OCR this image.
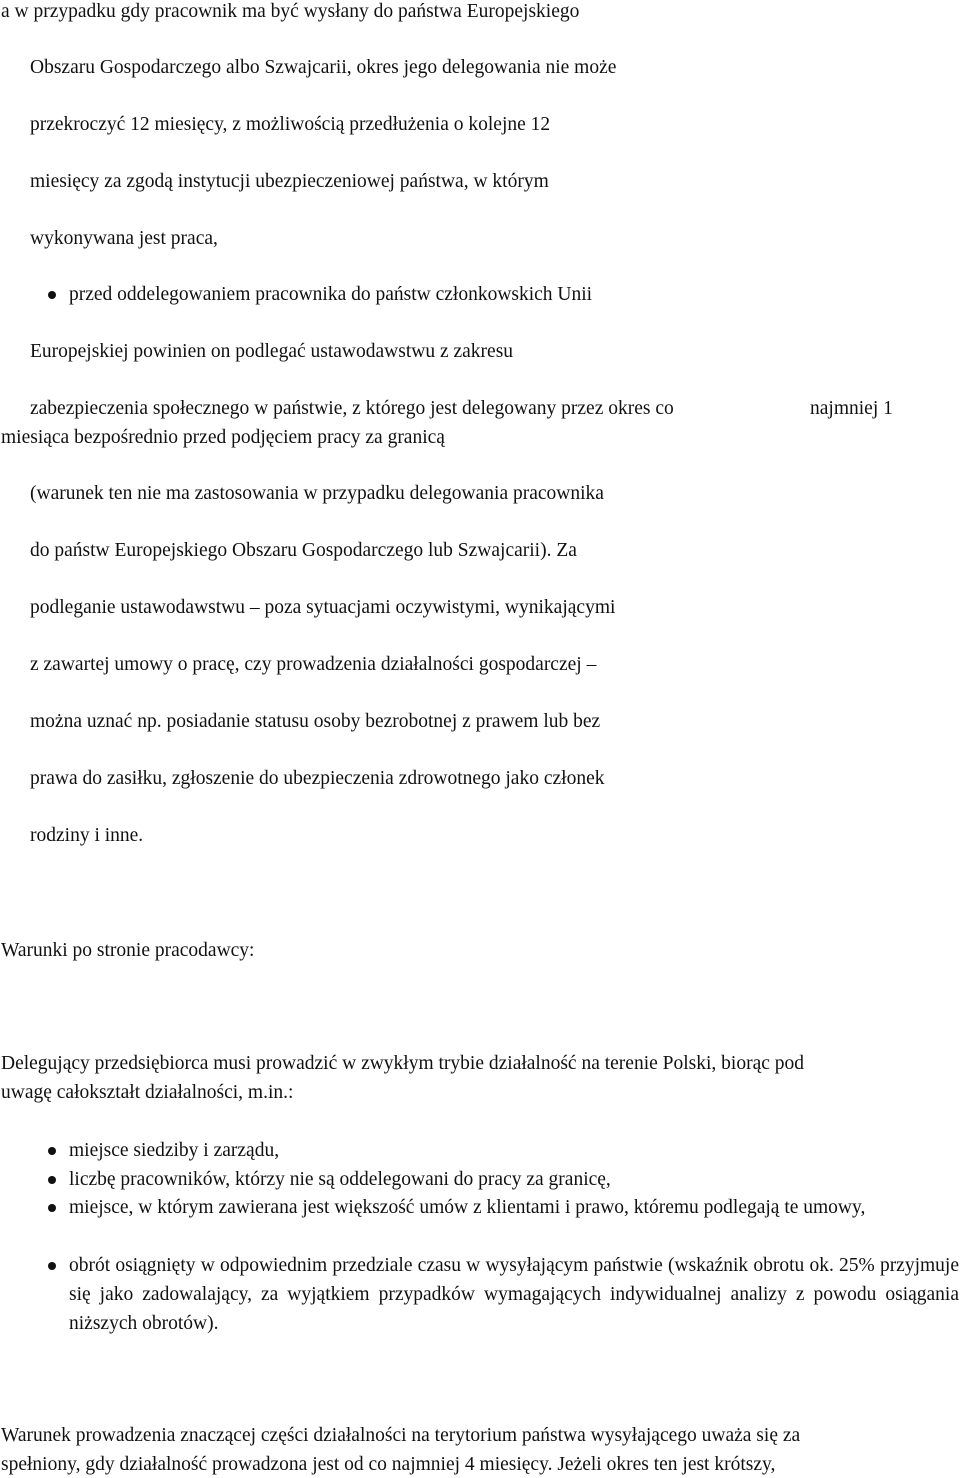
a w przypadku gdy pracownik ma być wysłany do państwa Europejskiego
Obszaru Gospodarczego albo Szwajcarii, okres jego delegowania nie może
przekroczyć 12 miesięcy, z możliwością przedłużenia o kolejne 12
miesięcy za zgodą instytucji ubezpieczeniowej państwa, w którym
wykonywana jest praca,
przed oddelegowaniem pracownika do państw członkowskich Unii
Europejskiej powinien on podlegać ustawodawstwu z zakresu
zabezpieczenia społecznego w państwie, z którego jest delegowany przez okres co	najmniej 1
miesiąca bezpośrednio przed podjęciem pracy za granicą
(warunek ten nie ma zastosowania w przypadku delegowania pracownika
do państw Europejskiego Obszaru Gospodarczego lub Szwajcarii). Za
podleganie ustawodawstwu – poza sytuacjami oczywistymi, wynikającymi
z zawartej umowy o pracę, czy prowadzenia działalności gospodarczej –
można uznać np. posiadanie statusu osoby bezrobotnej z prawem lub bez
prawa do zasiłku, zgłoszenie do ubezpieczenia zdrowotnego jako członek
rodziny i inne.
Warunki po stronie pracodawcy:
Delegujący przedsiębiorca musi prowadzić w zwykłym trybie działalność na terenie Polski, biorąc pod
uwagę całokształt działalności, m.in.:
miejsce siedziby i zarządu,
liczbę pracowników, którzy nie są oddelegowani do pracy za granicę,
miejsce, w którym zawierana jest większość umów z klientami i prawo, któremu podlegają te umowy,
obrót osiągnięty w odpowiednim przedziale czasu w wysyłającym państwie (wskaźnik obrotu ok. 25% przyjmuje się jako zadowalający, za wyjątkiem przypadków wymagających indywidualnej analizy z powodu osiągania niższych obrotów).
Warunek prowadzenia znaczącej części działalności na terytorium państwa wysyłającego uważa się za
spełniony, gdy działalność prowadzona jest od co najmniej 4 miesięcy. Jeżeli okres ten jest krótszy,
